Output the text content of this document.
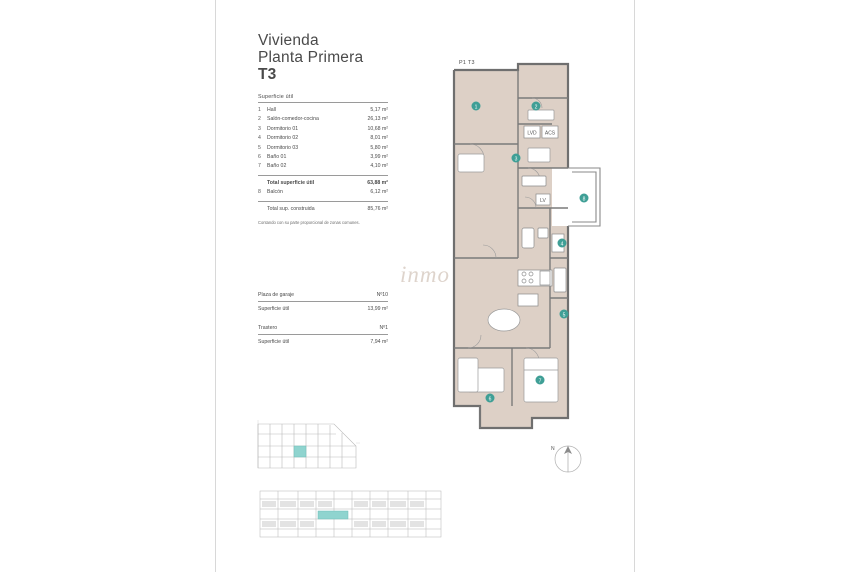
Vivienda
Planta Primera
T3
Superficie útil
1	Hall	5,17 m²
2	Salón-comedor-cocina	26,13 m²
3	Dormitorio 01	10,68 m²
4	Dormitorio 02	8,01 m²
5	Dormitorio 03	5,80 m²
6	Baño 01	3,99 m²
7	Baño 02	4,10 m²
Total superficie útil	63,88 m²
8	Balcón	6,12 m²
Total sup. construida	85,76 m²
Contando con su parte proporcional de zonas comunes.
Plaza de garaje	Nº10
Superficie útil	13,99 m²
Trastero	Nº1
Superficie útil	7,94 m²
P1 T3
LVD ACS
LV
1	2
3
4
5
6
7
8
N
inmo
